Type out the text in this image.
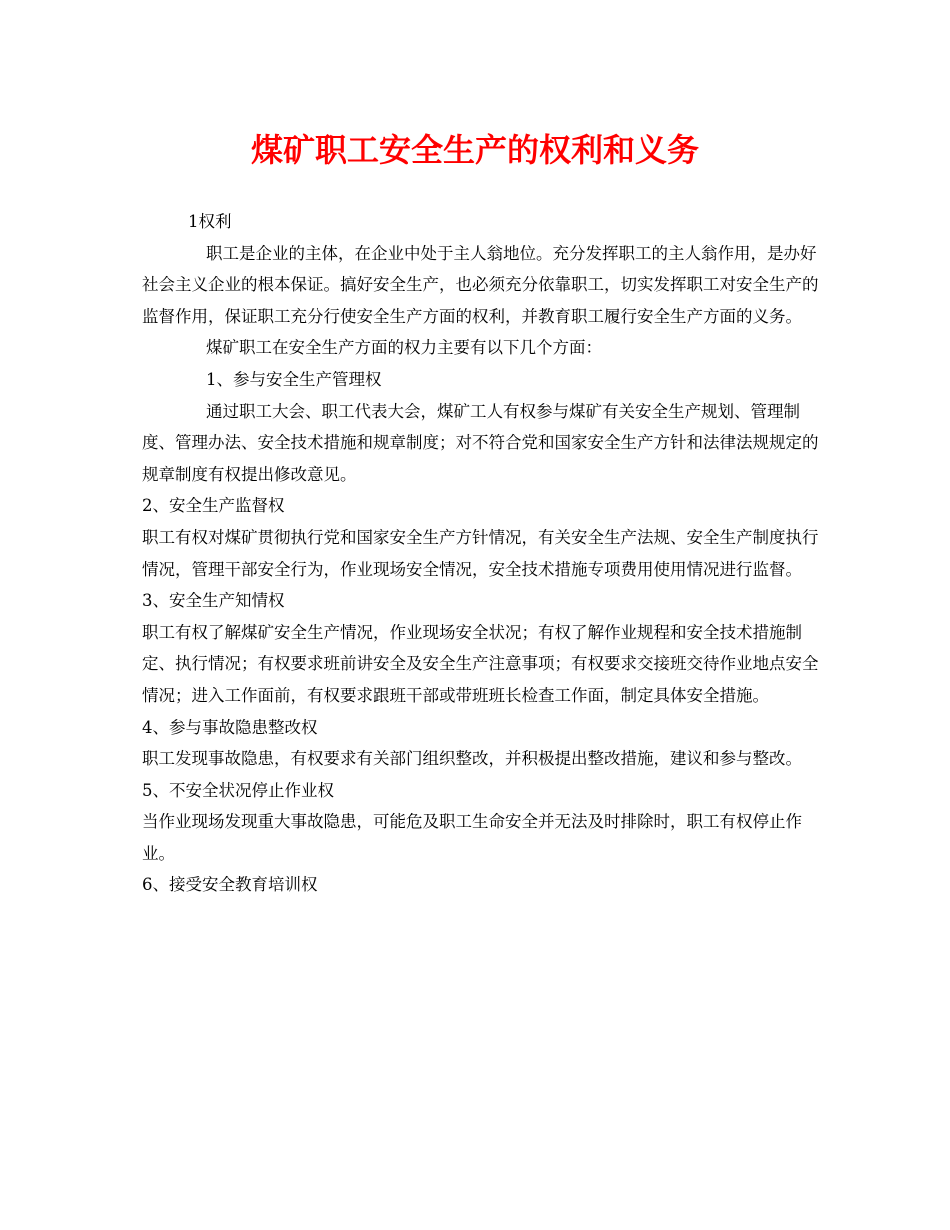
煤矿职工安全生产的权利和义务

1权利

职工是企业的主体，在企业中处于主人翁地位。充分发挥职工的主人翁作用，是办好社会主义企业的根本保证。搞好安全生产，也必须充分依靠职工，切实发挥职工对安全生产的监督作用，保证职工充分行使安全生产方面的权利，并教育职工履行安全生产方面的义务。

煤矿职工在安全生产方面的权力主要有以下几个方面：

1、参与安全生产管理权

通过职工大会、职工代表大会，煤矿工人有权参与煤矿有关安全生产规划、管理制度、管理办法、安全技术措施和规章制度；对不符合党和国家安全生产方针和法律法规规定的规章制度有权提出修改意见。

2、安全生产监督权

职工有权对煤矿贯彻执行党和国家安全生产方针情况，有关安全生产法规、安全生产制度执行情况，管理干部安全行为，作业现场安全情况，安全技术措施专项费用使用情况进行监督。

3、安全生产知情权

职工有权了解煤矿安全生产情况，作业现场安全状况；有权了解作业规程和安全技术措施制定、执行情况；有权要求班前讲安全及安全生产注意事项；有权要求交接班交待作业地点安全情况；进入工作面前，有权要求跟班干部或带班班长检查工作面，制定具体安全措施。

4、参与事故隐患整改权

职工发现事故隐患，有权要求有关部门组织整改，并积极提出整改措施，建议和参与整改。

5、不安全状况停止作业权

当作业现场发现重大事故隐患，可能危及职工生命安全并无法及时排除时，职工有权停止作业。

6、接受安全教育培训权
